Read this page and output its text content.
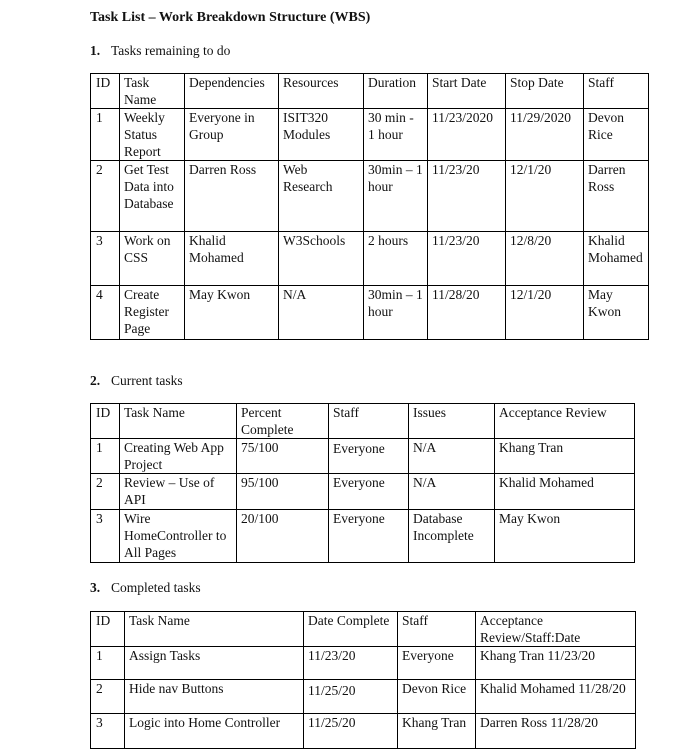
Task List – Work Breakdown Structure (WBS)
1. Tasks remaining to do
ID	Task Name	Dependencies	Resources	Duration	Start Date	Stop Date	Staff
1	Weekly Status Report	Everyone in Group	ISIT320 Modules	30 min - 1 hour	11/23/2020	11/29/2020	Devon Rice
2	Get Test Data into Database	Darren Ross	Web Research	30min – 1 hour	11/23/20	12/1/20	Darren Ross
3	Work on CSS	Khalid Mohamed	W3Schools	2 hours	11/23/20	12/8/20	Khalid Mohamed
4	Create Register Page	May Kwon	N/A	30min – 1 hour	11/28/20	12/1/20	May Kwon
2. Current tasks
ID	Task Name	Percent Complete	Staff	Issues	Acceptance Review
1	Creating Web App Project	75/100	Everyone	N/A	Khang Tran
2	Review – Use of API	95/100	Everyone	N/A	Khalid Mohamed
3	Wire HomeController to All Pages	20/100	Everyone	Database Incomplete	May Kwon
3. Completed tasks
ID	Task Name	Date Complete	Staff	Acceptance Review/Staff:Date
1	Assign Tasks	11/23/20	Everyone	Khang Tran 11/23/20
2	Hide nav Buttons	11/25/20	Devon Rice	Khalid Mohamed 11/28/20
3	Logic into Home Controller	11/25/20	Khang Tran	Darren Ross 11/28/20
